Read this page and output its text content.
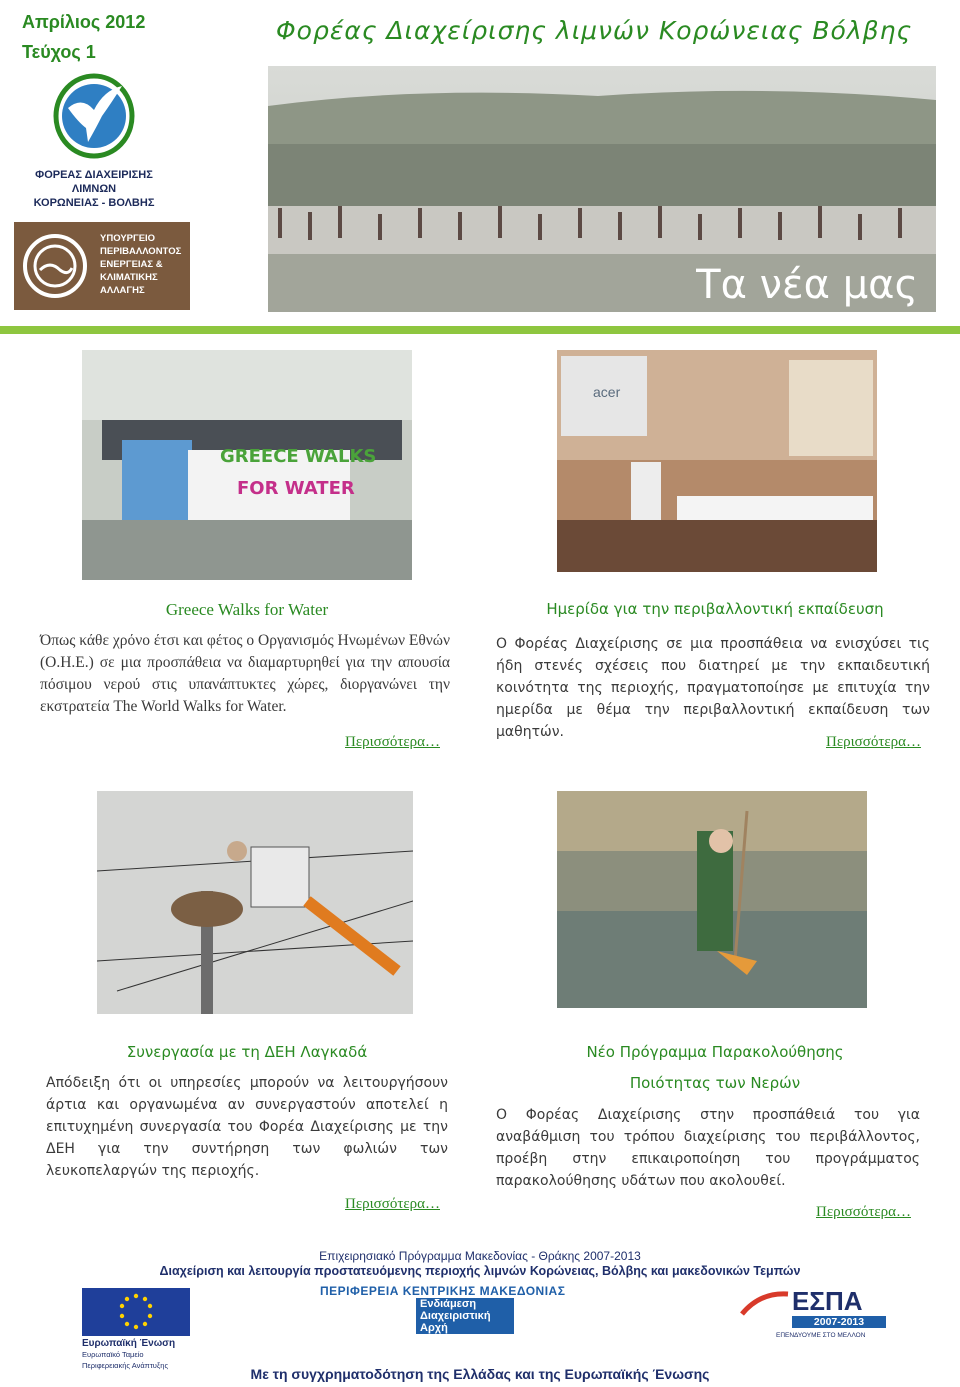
Απρίλιος 2012
Τεύχος 1
Φορέας Διαχείρισης λιμνών Κορώνειας Βόλβης
ΦΟΡΕΑΣ ΔΙΑΧΕΙΡΙΣΗΣ ΛΙΜΝΩΝ
ΚΟΡΩΝΕΙΑΣ - ΒΟΛΒΗΣ
ΥΠΟΥΡΓΕΙΟ
ΠΕΡΙΒΑΛΛΟΝΤΟΣ
ΕΝΕΡΓΕΙΑΣ &
ΚΛΙΜΑΤΙΚΗΣ
ΑΛΛΑΓΗΣ	Τα νέα μας
GREECE WALKS
FOR WATER
Greece Walks for Water
Όπως κάθε χρόνο έτσι και φέτος ο Οργανισμός Ηνωμένων Εθνών (Ο.Η.Ε.) σε μια προσπάθεια να διαμαρτυρηθεί για την απουσία πόσιμου νερού στις υπανάπτυκτες χώρες, διοργανώνει την εκστρατεία The World Walks for Water.
Περισσότερα…
acer
Ημερίδα για την περιβαλλοντική εκπαίδευση
Ο Φορέας Διαχείρισης σε μια προσπάθεια να ενισχύσει τις ήδη στενές σχέσεις που διατηρεί με την εκπαιδευτική κοινότητα της περιοχής, πραγματοποίησε με επιτυχία την ημερίδα με θέμα την περιβαλλοντική εκπαίδευση των μαθητών.
Περισσότερα…
Συνεργασία με τη ΔΕΗ Λαγκαδά
Απόδειξη ότι οι υπηρεσίες μπορούν να λειτουργήσουν άρτια και οργανωμένα αν συνεργαστούν αποτελεί η επιτυχημένη συνεργασία του Φορέα Διαχείρισης με την ΔΕΗ για την συντήρηση των φωλιών των λευκοπελαργών της περιοχής.
Περισσότερα…
Νέο Πρόγραμμα Παρακολούθησης
Ποιότητας των Νερών
Ο Φορέας Διαχείρισης στην προσπάθειά του για αναβάθμιση του τρόπου διαχείρισης του περιβάλλοντος, προέβη στην επικαιροποίηση του προγράμματος παρακολούθησης υδάτων που ακολουθεί.
Περισσότερα…
Επιχειρησιακό Πρόγραμμα Μακεδονίας - Θράκης 2007-2013
Διαχείριση και λειτουργία προστατευόμενης περιοχής λιμνών Κορώνειας, Βόλβης και μακεδονικών Τεμπών
Ευρωπαϊκή Ένωση
Ευρωπαϊκό Ταμείο
Περιφερειακής Ανάπτυξης
ΠΕΡΙΦΕΡΕΙΑ ΚΕΝΤΡΙΚΗΣ ΜΑΚΕΔΟΝΙΑΣ
Ενδιάμεση
Διαχειριστική
Αρχή
ΕΣΠΑ
2007-2013
ΕΠΕΝΔΥΟΥΜΕ ΣΤΟ ΜΕΛΛΟΝ
Με τη συγχρηματοδότηση της Ελλάδας και της Ευρωπαϊκής Ένωσης
